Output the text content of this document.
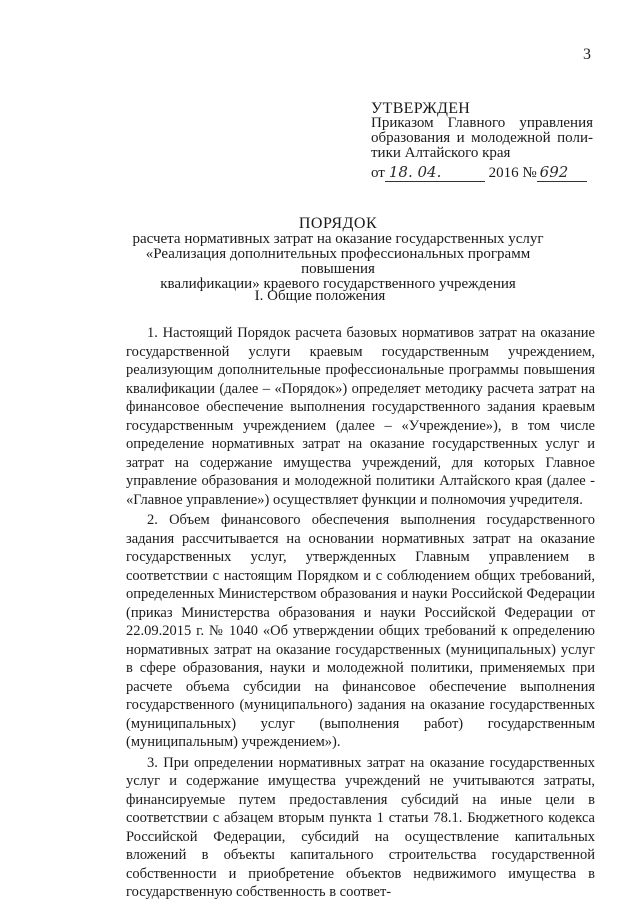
3
УТВЕРЖДЕН
Приказом Главного управления
образования и молодежной поли-
тики Алтайского края
от 18. 04.	2016 № 692
ПОРЯДОК
расчета нормативных затрат на оказание государственных услуг
«Реализация дополнительных профессиональных программ повышения
квалификации» краевого государственного учреждения
I. Общие положения

1. Настоящий Порядок расчета базовых нормативов затрат на оказание государственной услуги краевым государственным учреждением, реализующим дополнительные профессиональные программы повышения квалификации (далее – «Порядок») определяет методику расчета затрат на финансовое обеспечение выполнения государственного задания краевым государственным учреждением (далее – «Учреждение»), в том числе определение нормативных затрат на оказание государственных услуг и затрат на содержание имущества учреждений, для которых Главное управление образования и молодежной политики Алтайского края (далее - «Главное управление») осуществляет функции и полномочия учредителя.

2. Объем финансового обеспечения выполнения государственного задания рассчитывается на основании нормативных затрат на оказание государственных услуг, утвержденных Главным управлением в соответствии с настоящим Порядком и с соблюдением общих требований, определенных Министерством образования и науки Российской Федерации (приказ Министерства образования и науки Российской Федерации от 22.09.2015 г. № 1040 «Об утверждении общих требований к определению нормативных затрат на оказание государственных (муниципальных) услуг в сфере образования, науки и молодежной политики, применяемых при расчете объема субсидии на финансовое обеспечение выполнения государственного (муниципального) задания на оказание государственных (муниципальных) услуг (выполнения работ) государственным (муниципальным) учреждением»).

3. При определении нормативных затрат на оказание государственных услуг и содержание имущества учреждений не учитываются затраты, финансируемые путем предоставления субсидий на иные цели в соответствии с абзацем вторым пункта 1 статьи 78.1. Бюджетного кодекса Российской Федерации, субсидий на осуществление капитальных вложений в объекты капитального строительства государственной собственности и приобретение объектов недвижимого имущества в государственную собственность в соответ-
